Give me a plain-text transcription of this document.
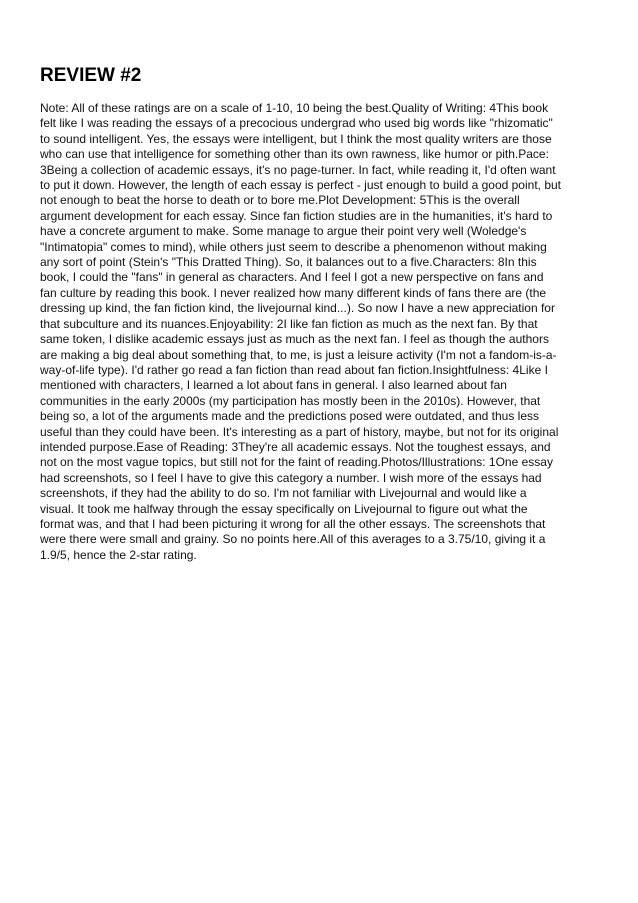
REVIEW #2
Note: All of these ratings are on a scale of 1-10, 10 being the best.Quality of Writing: 4This book
felt like I was reading the essays of a precocious undergrad who used big words like "rhizomatic"
to sound intelligent. Yes, the essays were intelligent, but I think the most quality writers are those
who can use that intelligence for something other than its own rawness, like humor or pith.Pace:
3Being a collection of academic essays, it's no page-turner. In fact, while reading it, I'd often want
to put it down. However, the length of each essay is perfect - just enough to build a good point, but
not enough to beat the horse to death or to bore me.Plot Development: 5This is the overall
argument development for each essay. Since fan fiction studies are in the humanities, it's hard to
have a concrete argument to make. Some manage to argue their point very well (Woledge's
"Intimatopia" comes to mind), while others just seem to describe a phenomenon without making
any sort of point (Stein's "This Dratted Thing). So, it balances out to a five.Characters: 8In this
book, I could the "fans" in general as characters. And I feel I got a new perspective on fans and
fan culture by reading this book. I never realized how many different kinds of fans there are (the
dressing up kind, the fan fiction kind, the livejournal kind...). So now I have a new appreciation for
that subculture and its nuances.Enjoyability: 2I like fan fiction as much as the next fan. By that
same token, I dislike academic essays just as much as the next fan. I feel as though the authors
are making a big deal about something that, to me, is just a leisure activity (I'm not a fandom-is-a-
way-of-life type). I'd rather go read a fan fiction than read about fan fiction.Insightfulness: 4Like I
mentioned with characters, I learned a lot about fans in general. I also learned about fan
communities in the early 2000s (my participation has mostly been in the 2010s). However, that
being so, a lot of the arguments made and the predictions posed were outdated, and thus less
useful than they could have been. It's interesting as a part of history, maybe, but not for its original
intended purpose.Ease of Reading: 3They're all academic essays. Not the toughest essays, and
not on the most vague topics, but still not for the faint of reading.Photos/Illustrations: 1One essay
had screenshots, so I feel I have to give this category a number. I wish more of the essays had
screenshots, if they had the ability to do so. I'm not familiar with Livejournal and would like a
visual. It took me halfway through the essay specifically on Livejournal to figure out what the
format was, and that I had been picturing it wrong for all the other essays. The screenshots that
were there were small and grainy. So no points here.All of this averages to a 3.75/10, giving it a
1.9/5, hence the 2-star rating.
